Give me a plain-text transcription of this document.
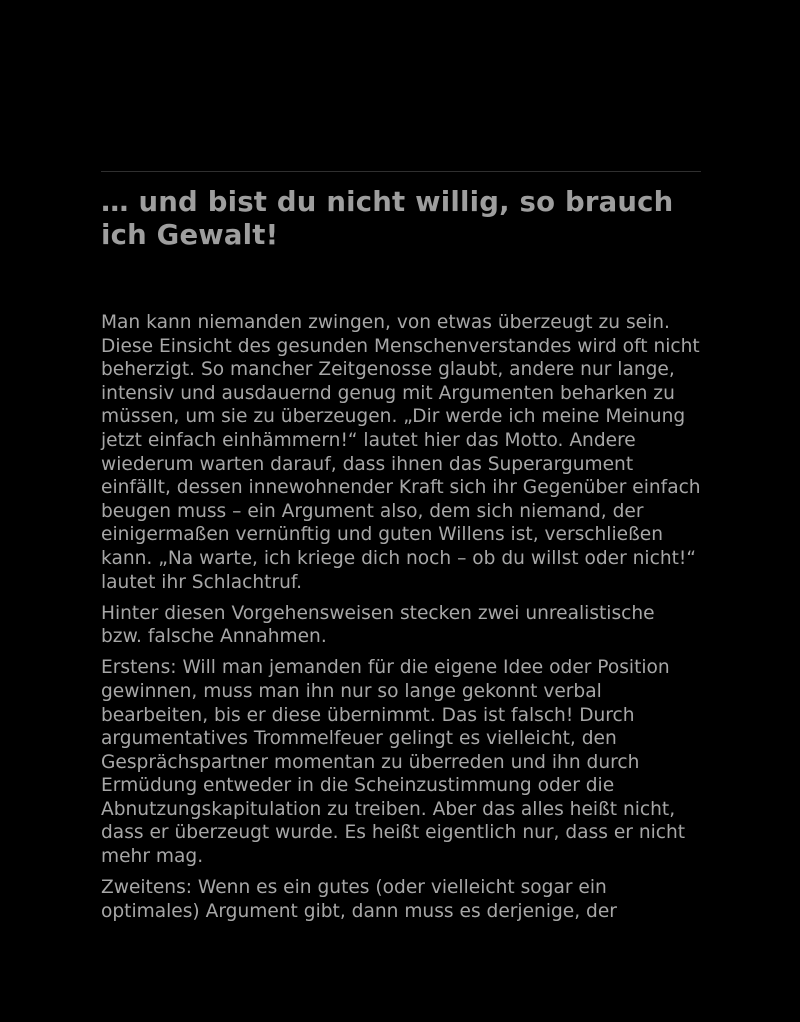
… und bist du nicht willig, so brauch ich Gewalt!

Man kann niemanden zwingen, von etwas überzeugt zu sein. Diese Einsicht des gesunden Menschenverstandes wird oft nicht beherzigt. So mancher Zeitgenosse glaubt, andere nur lange, intensiv und ausdauernd genug mit Argumenten beharken zu müssen, um sie zu überzeugen. „Dir werde ich meine Meinung jetzt einfach einhämmern!“ lautet hier das Motto. Andere wiederum warten darauf, dass ihnen das Superargument einfällt, dessen innewohnender Kraft sich ihr Gegenüber einfach beugen muss – ein Argument also, dem sich niemand, der einigermaßen vernünftig und guten Willens ist, verschließen kann. „Na warte, ich kriege dich noch – ob du willst oder nicht!“ lautet ihr Schlachtruf.

Hinter diesen Vorgehensweisen stecken zwei unrealistische bzw. falsche Annahmen.

Erstens: Will man jemanden für die eigene Idee oder Position gewinnen, muss man ihn nur so lange gekonnt verbal bearbeiten, bis er diese übernimmt. Das ist falsch! Durch argumentatives Trommelfeuer gelingt es vielleicht, den Gesprächspartner momentan zu überreden und ihn durch Ermüdung entweder in die Scheinzustimmung oder die Abnutzungskapitulation zu treiben. Aber das alles heißt nicht, dass er überzeugt wurde. Es heißt eigentlich nur, dass er nicht mehr mag.

Zweitens: Wenn es ein gutes (oder vielleicht sogar ein optimales) Argument gibt, dann muss es derjenige, der
